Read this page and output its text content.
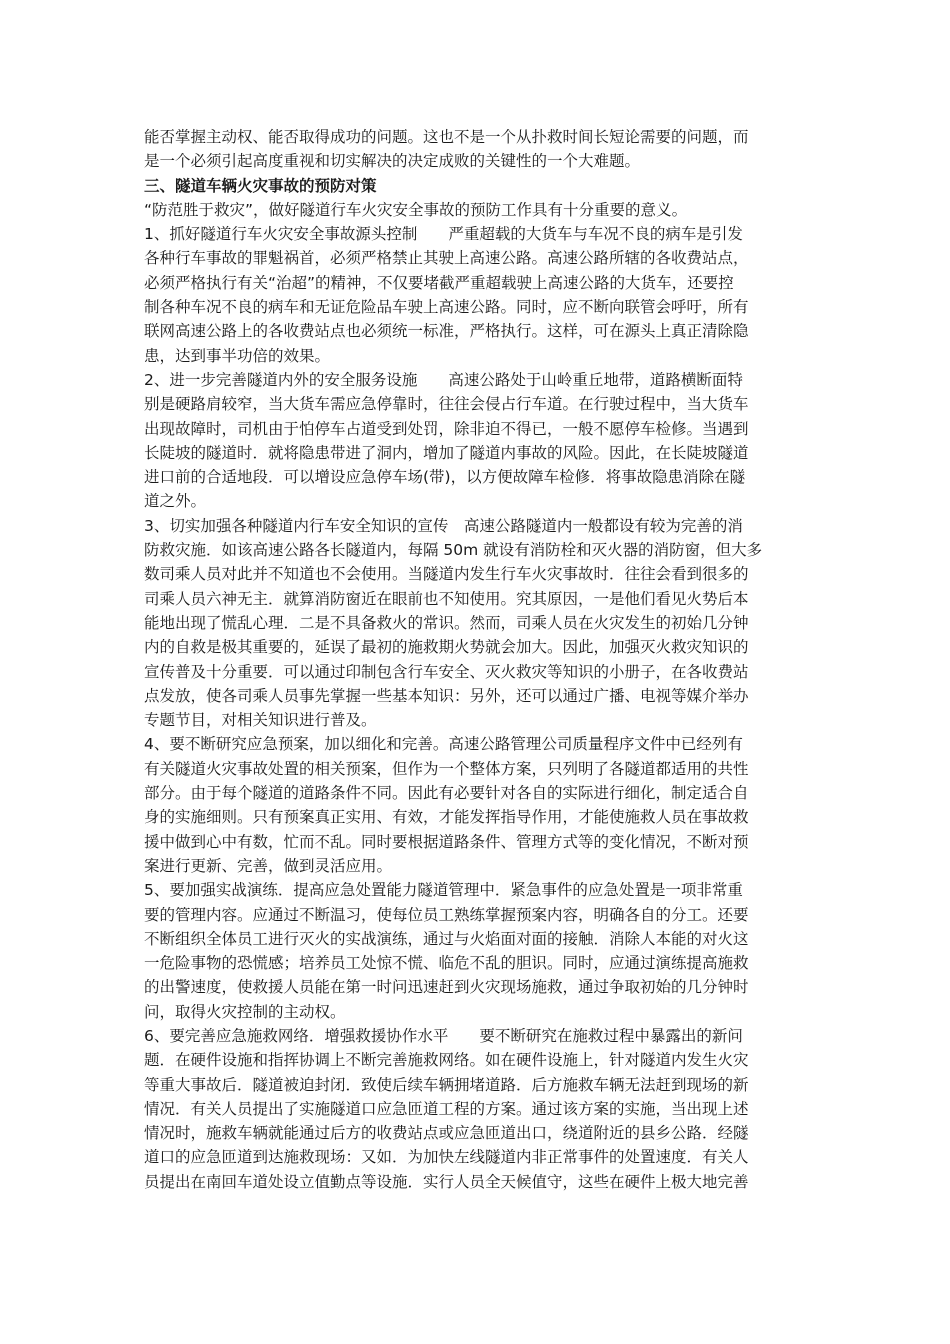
能否掌握主动权、能否取得成功的问题。这也不是一个从扑救时间长短论需要的问题，而
是一个必须引起高度重视和切实解决的决定成败的关键性的一个大难题。
三、隧道车辆火灾事故的预防对策
“防范胜于救灾”，做好隧道行车火灾安全事故的预防工作具有十分重要的意义。
1、抓好隧道行车火灾安全事故源头控制　　严重超载的大货车与车况不良的病车是引发
各种行车事故的罪魁祸首，必须严格禁止其驶上高速公路。高速公路所辖的各收费站点，
必须严格执行有关“治超”的精神，不仅要堵截严重超载驶上高速公路的大货车，还要控
制各种车况不良的病车和无证危险品车驶上高速公路。同时，应不断向联管会呼吁，所有
联网高速公路上的各收费站点也必须统一标准，严格执行。这样，可在源头上真正清除隐
患，达到事半功倍的效果。
2、进一步完善隧道内外的安全服务设施　　高速公路处于山岭重丘地带，道路横断面特
别是硬路肩较窄，当大货车需应急停靠时，往往会侵占行车道。在行驶过程中，当大货车
出现故障时，司机由于怕停车占道受到处罚，除非迫不得已，一般不愿停车检修。当遇到
长陡坡的隧道时．就将隐患带进了洞内，增加了隧道内事故的风险。因此，在长陡坡隧道
进口前的合适地段．可以增设应急停车场(带)，以方便故障车检修．将事故隐患消除在隧
道之外。
3、切实加强各种隧道内行车安全知识的宣传　高速公路隧道内一般都设有较为完善的消
防救灾施．如该高速公路各长隧道内，每隔 50m 就设有消防栓和灭火器的消防窗，但大多
数司乘人员对此并不知道也不会使用。当隧道内发生行车火灾事故时．往往会看到很多的
司乘人员六神无主．就算消防窗近在眼前也不知使用。究其原因，一是他们看见火势后本
能地出现了慌乱心理．二是不具备救火的常识。然而，司乘人员在火灾发生的初始几分钟
内的自救是极其重要的，延误了最初的施救期火势就会加大。因此，加强灭火救灾知识的
宣传普及十分重要．可以通过印制包含行车安全、灭火救灾等知识的小册子，在各收费站
点发放，使各司乘人员事先掌握一些基本知识：另外，还可以通过广播、电视等媒介举办
专题节目，对相关知识进行普及。
4、要不断研究应急预案，加以细化和完善。高速公路管理公司质量程序文件中已经列有
有关隧道火灾事故处置的相关预案，但作为一个整体方案，只列明了各隧道都适用的共性
部分。由于每个隧道的道路条件不同。因此有必要针对各自的实际进行细化，制定适合自
身的实施细则。只有预案真正实用、有效，才能发挥指导作用，才能使施救人员在事故救
援中做到心中有数，忙而不乱。同时要根据道路条件、管理方式等的变化情况，不断对预
案进行更新、完善，做到灵活应用。
5、要加强实战演练．提高应急处置能力隧道管理中．紧急事件的应急处置是一项非常重
要的管理内容。应通过不断温习，使每位员工熟练掌握预案内容，明确各自的分工。还要
不断组织全体员工进行灭火的实战演练，通过与火焰面对面的接触．消除人本能的对火这
一危险事物的恐慌感；培养员工处惊不慌、临危不乱的胆识。同时，应通过演练提高施救
的出警速度，使救援人员能在第一时问迅速赶到火灾现场施救，通过争取初始的几分钟时
问，取得火灾控制的主动权。
6、要完善应急施救网络．增强救援协作水平　　要不断研究在施救过程中暴露出的新问
题．在硬件设施和指挥协调上不断完善施救网络。如在硬件设施上，针对隧道内发生火灾
等重大事故后．隧道被迫封闭．致使后续车辆拥堵道路．后方施救车辆无法赶到现场的新
情况．有关人员提出了实施隧道口应急匝道工程的方案。通过该方案的实施，当出现上述
情况时，施救车辆就能通过后方的收费站点或应急匝道出口，绕道附近的县乡公路．经隧
道口的应急匝道到达施救现场：又如．为加快左线隧道内非正常事件的处置速度．有关人
员提出在南回车道处设立值勤点等设施．实行人员全天候值守，这些在硬件上极大地完善
